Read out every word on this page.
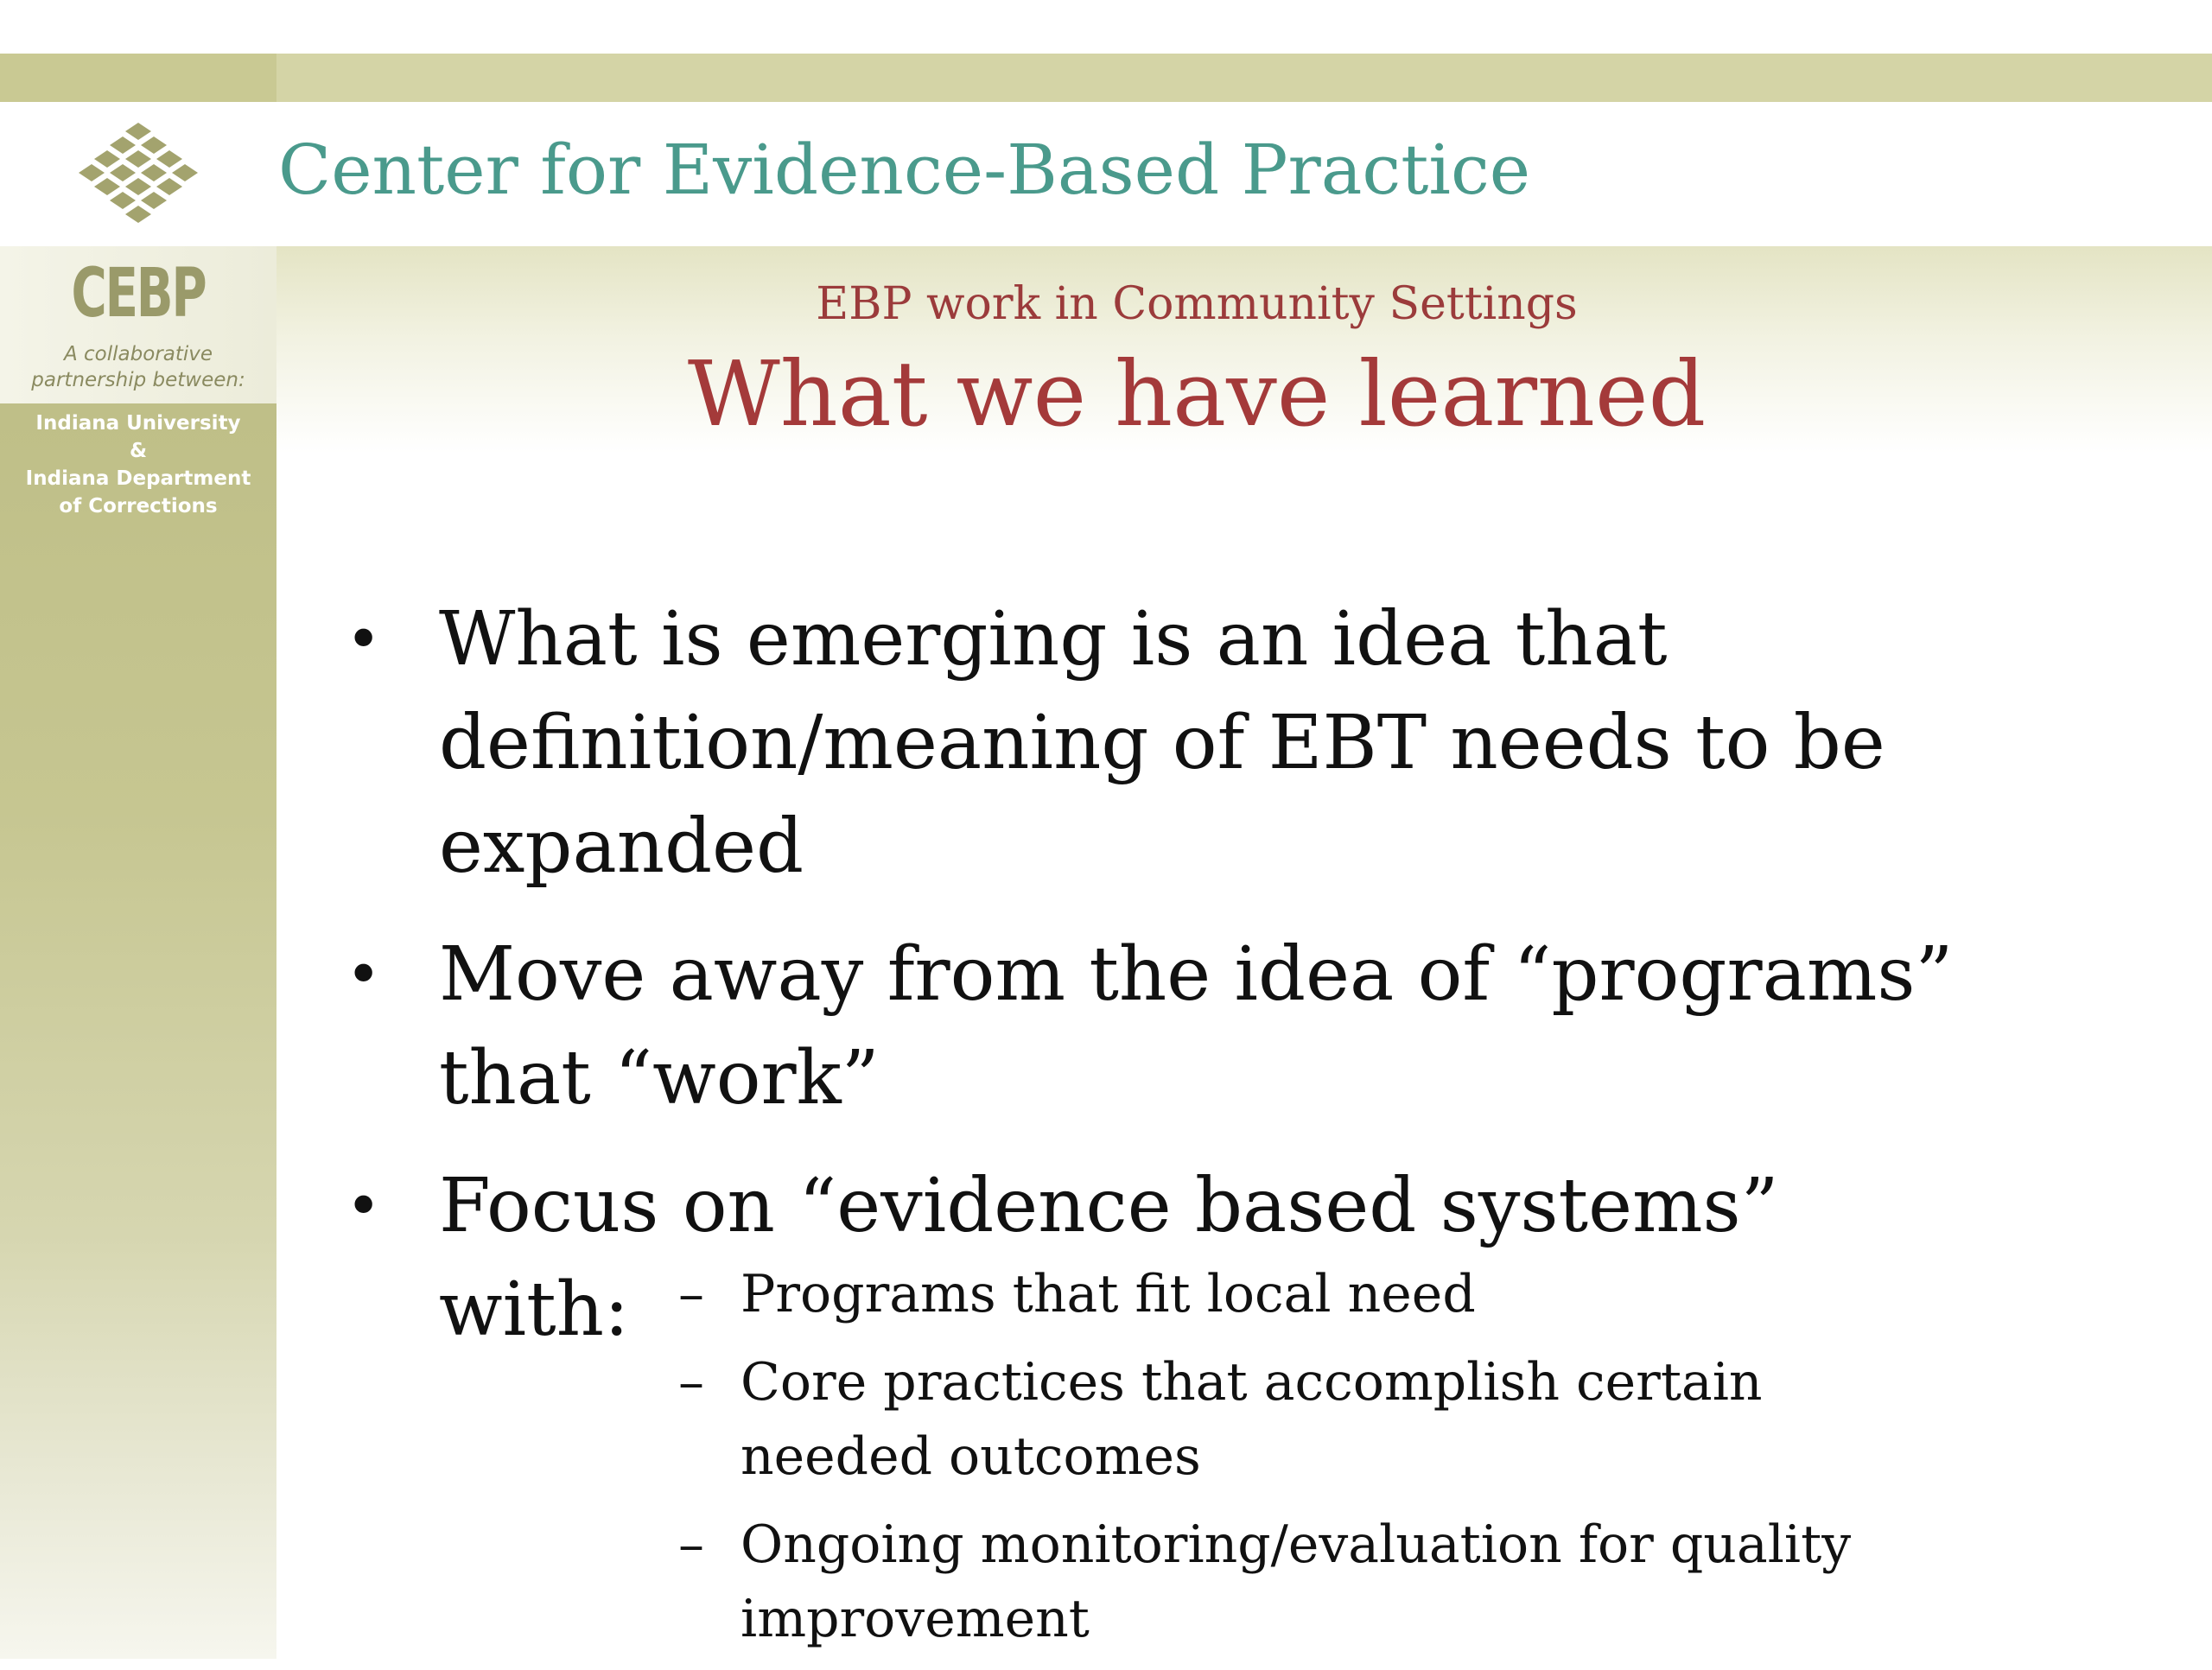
Center for Evidence-Based Practice
CEBP
A collaborative
partnership between:
Indiana University
&
Indiana Department
of Corrections
EBP work in Community Settings
What we have learned
• What is emerging is an idea that definition/meaning of EBT needs to be expanded
• Move away from the idea of “programs” that “work”
• Focus on “evidence based systems” with: – Programs that fit local need
– Core practices that accomplish certain needed outcomes
– Ongoing monitoring/evaluation for quality improvement
